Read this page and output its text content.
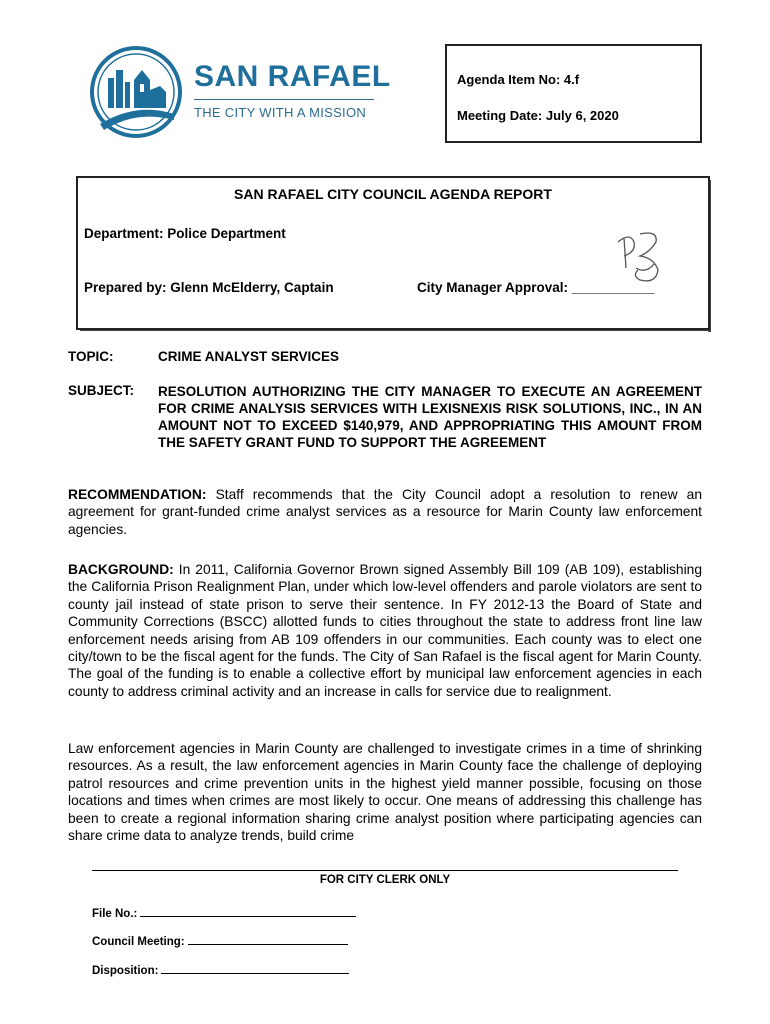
SAN RAFAEL
THE CITY WITH A MISSION
Agenda Item No: 4.f
Meeting Date: July 6, 2020
SAN RAFAEL CITY COUNCIL AGENDA REPORT
Department: Police Department
Prepared by: Glenn McElderry, Captain	City Manager Approval: ___________
TOPIC:	CRIME ANALYST SERVICES
SUBJECT: RESOLUTION AUTHORIZING THE CITY MANAGER TO EXECUTE AN AGREEMENT FOR CRIME ANALYSIS SERVICES WITH LEXISNEXIS RISK SOLUTIONS, INC., IN AN AMOUNT NOT TO EXCEED $140,979, AND APPROPRIATING THIS AMOUNT FROM THE SAFETY GRANT FUND TO SUPPORT THE AGREEMENT
RECOMMENDATION: Staff recommends that the City Council adopt a resolution to renew an agreement for grant-funded crime analyst services as a resource for Marin County law enforcement agencies.
BACKGROUND: In 2011, California Governor Brown signed Assembly Bill 109 (AB 109), establishing the California Prison Realignment Plan, under which low-level offenders and parole violators are sent to county jail instead of state prison to serve their sentence. In FY 2012-13 the Board of State and Community Corrections (BSCC) allotted funds to cities throughout the state to address front line law enforcement needs arising from AB 109 offenders in our communities. Each county was to elect one city/town to be the fiscal agent for the funds. The City of San Rafael is the fiscal agent for Marin County. The goal of the funding is to enable a collective effort by municipal law enforcement agencies in each county to address criminal activity and an increase in calls for service due to realignment.
Law enforcement agencies in Marin County are challenged to investigate crimes in a time of shrinking resources. As a result, the law enforcement agencies in Marin County face the challenge of deploying patrol resources and crime prevention units in the highest yield manner possible, focusing on those locations and times when crimes are most likely to occur. One means of addressing this challenge has been to create a regional information sharing crime analyst position where participating agencies can share crime data to analyze trends, build crime
FOR CITY CLERK ONLY
File No.:
Council Meeting:
Disposition:
